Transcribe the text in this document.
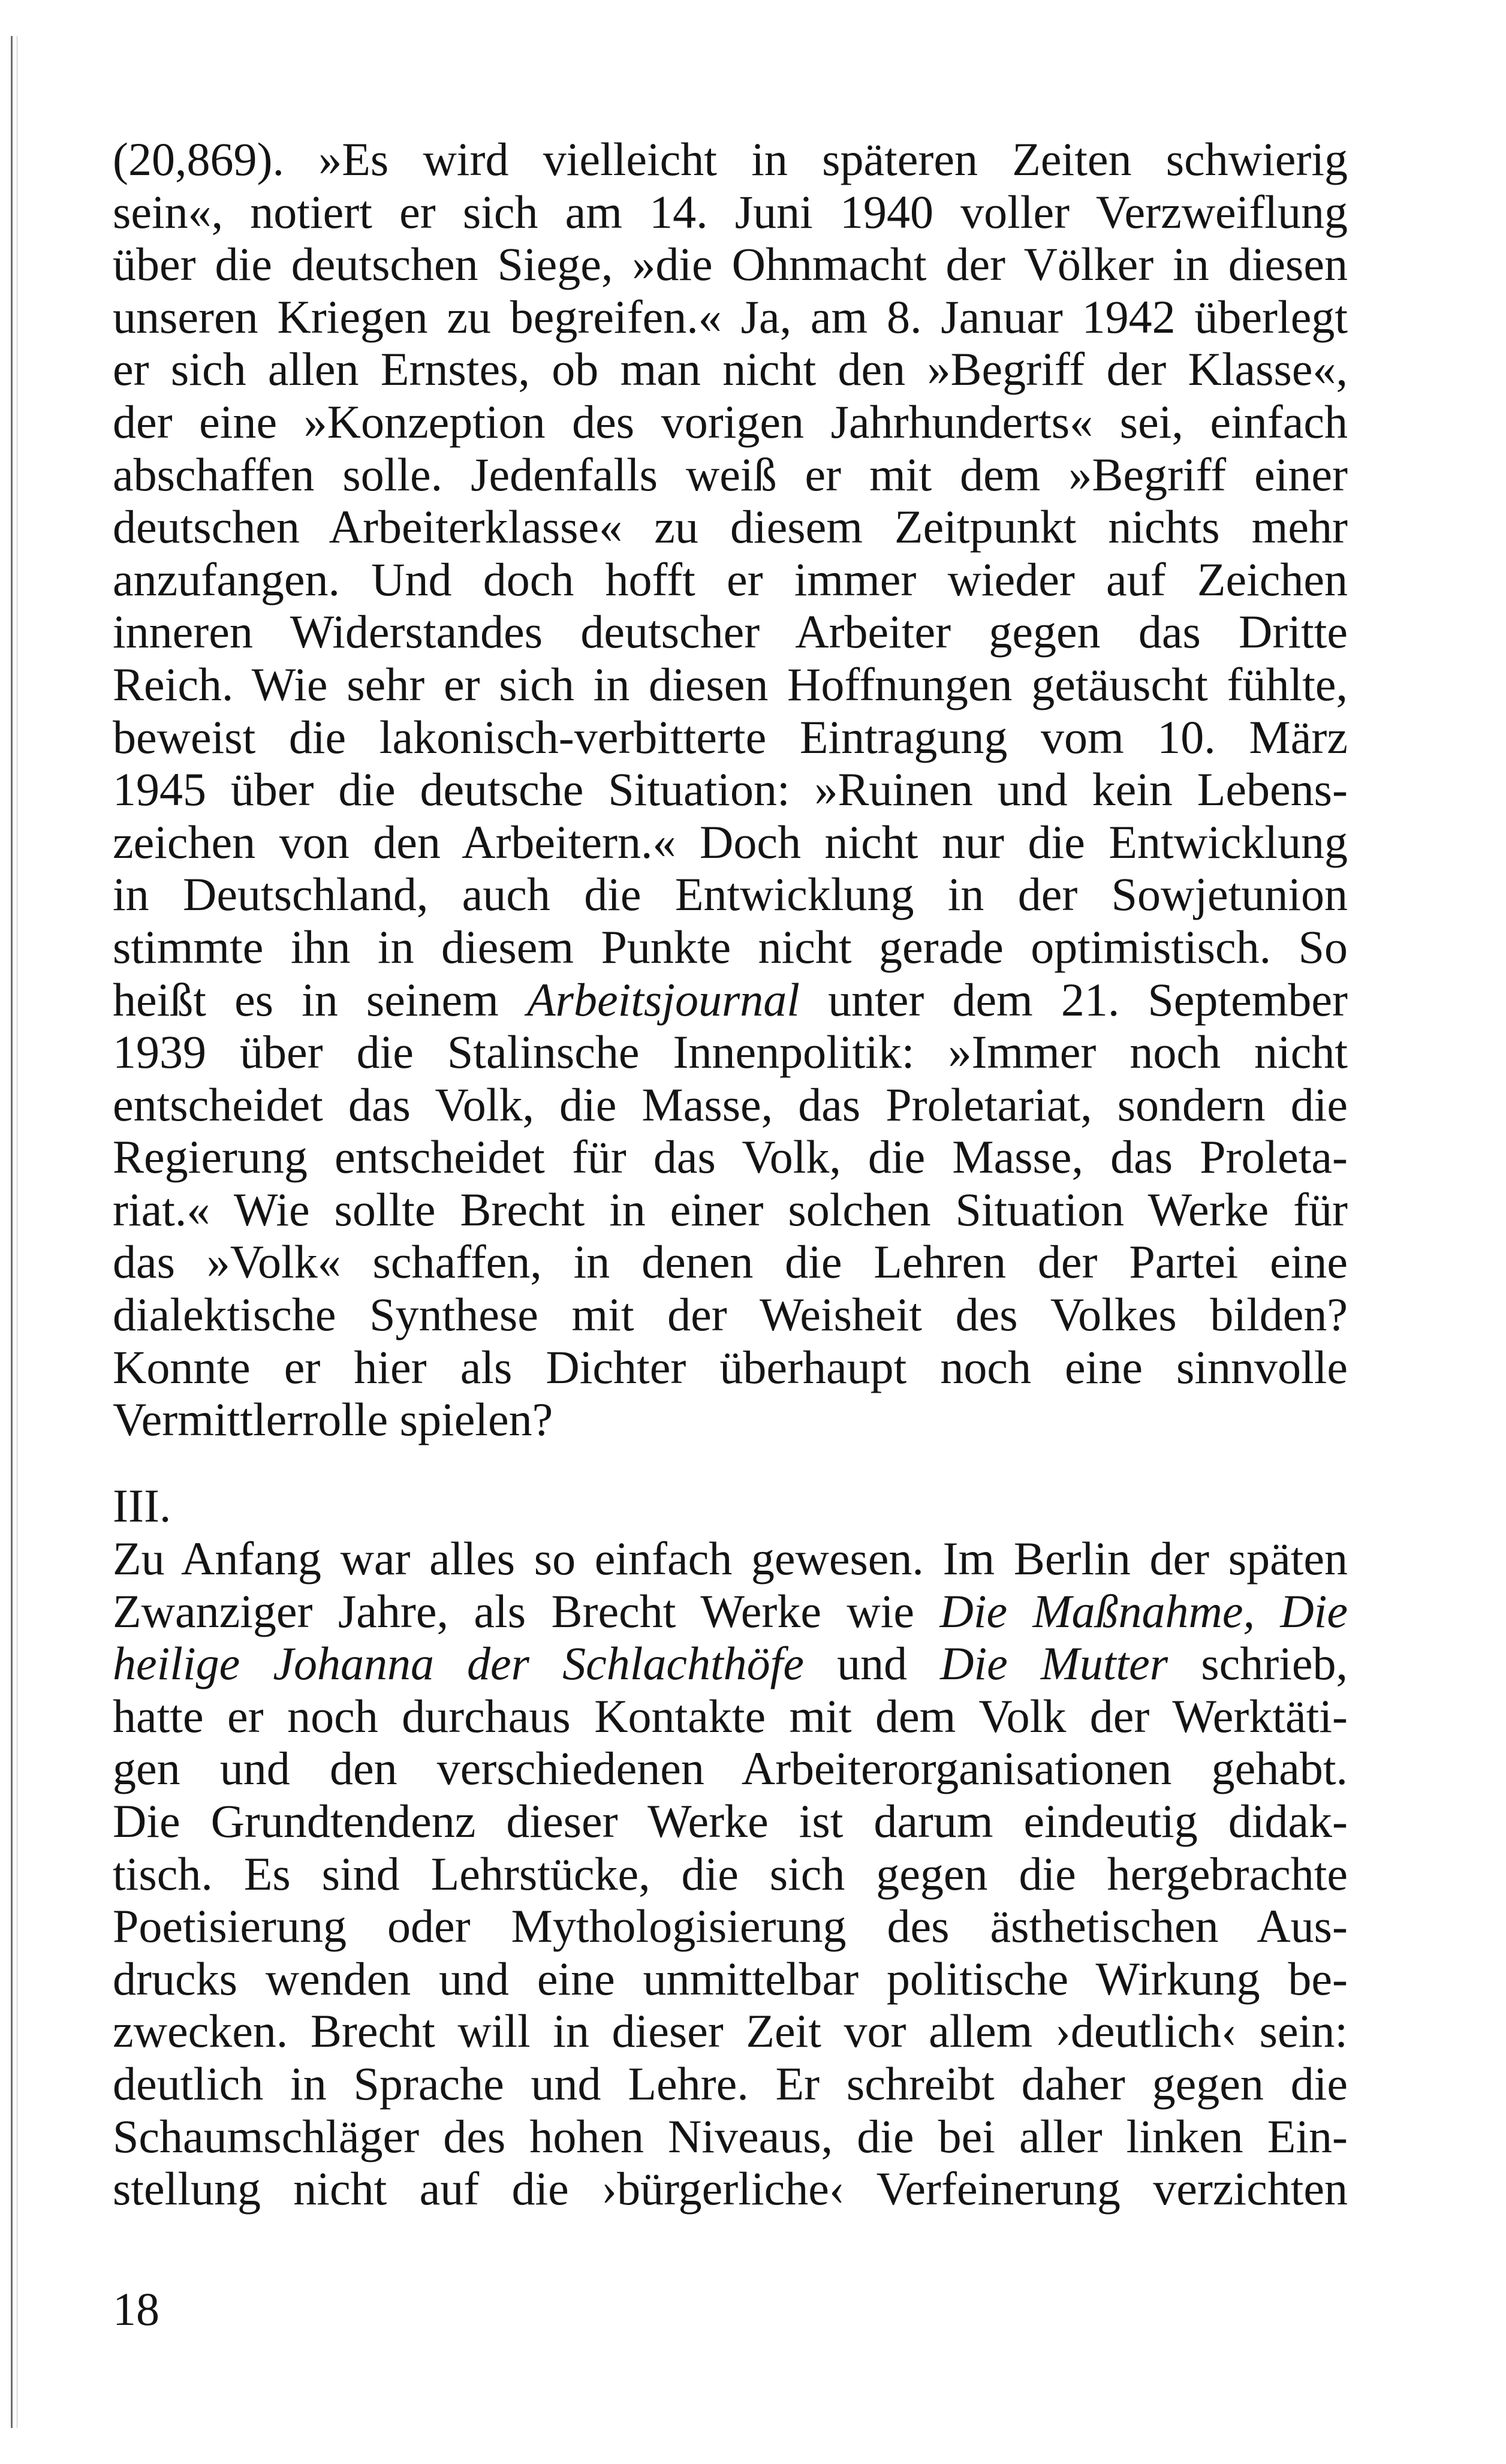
(20,869). »Es wird vielleicht in späteren Zeiten schwierig
sein«, notiert er sich am 14. Juni 1940 voller Verzweiflung
über die deutschen Siege, »die Ohnmacht der Völker in diesen
unseren Kriegen zu begreifen.« Ja, am 8. Januar 1942 überlegt
er sich allen Ernstes, ob man nicht den »Begriff der Klasse«,
der eine »Konzeption des vorigen Jahrhunderts« sei, einfach
abschaffen solle. Jedenfalls weiß er mit dem »Begriff einer
deutschen Arbeiterklasse« zu diesem Zeitpunkt nichts mehr
anzufangen. Und doch hofft er immer wieder auf Zeichen
inneren Widerstandes deutscher Arbeiter gegen das Dritte
Reich. Wie sehr er sich in diesen Hoffnungen getäuscht fühlte,
beweist die lakonisch-verbitterte Eintragung vom 10. März
1945 über die deutsche Situation: »Ruinen und kein Lebens-
zeichen von den Arbeitern.« Doch nicht nur die Entwicklung
in Deutschland, auch die Entwicklung in der Sowjetunion
stimmte ihn in diesem Punkte nicht gerade optimistisch. So
heißt es in seinem Arbeitsjournal unter dem 21. September
1939 über die Stalinsche Innenpolitik: »Immer noch nicht
entscheidet das Volk, die Masse, das Proletariat, sondern die
Regierung entscheidet für das Volk, die Masse, das Proleta-
riat.« Wie sollte Brecht in einer solchen Situation Werke für
das »Volk« schaffen, in denen die Lehren der Partei eine
dialektische Synthese mit der Weisheit des Volkes bilden?
Konnte er hier als Dichter überhaupt noch eine sinnvolle
Vermittlerrolle spielen?
III.
Zu Anfang war alles so einfach gewesen. Im Berlin der späten
Zwanziger Jahre, als Brecht Werke wie Die Maßnahme, Die
heilige Johanna der Schlachthöfe und Die Mutter schrieb,
hatte er noch durchaus Kontakte mit dem Volk der Werktäti-
gen und den verschiedenen Arbeiterorganisationen gehabt.
Die Grundtendenz dieser Werke ist darum eindeutig didak-
tisch. Es sind Lehrstücke, die sich gegen die hergebrachte
Poetisierung oder Mythologisierung des ästhetischen Aus-
drucks wenden und eine unmittelbar politische Wirkung be-
zwecken. Brecht will in dieser Zeit vor allem ›deutlich‹ sein:
deutlich in Sprache und Lehre. Er schreibt daher gegen die
Schaumschläger des hohen Niveaus, die bei aller linken Ein-
stellung nicht auf die ›bürgerliche‹ Verfeinerung verzichten
18
